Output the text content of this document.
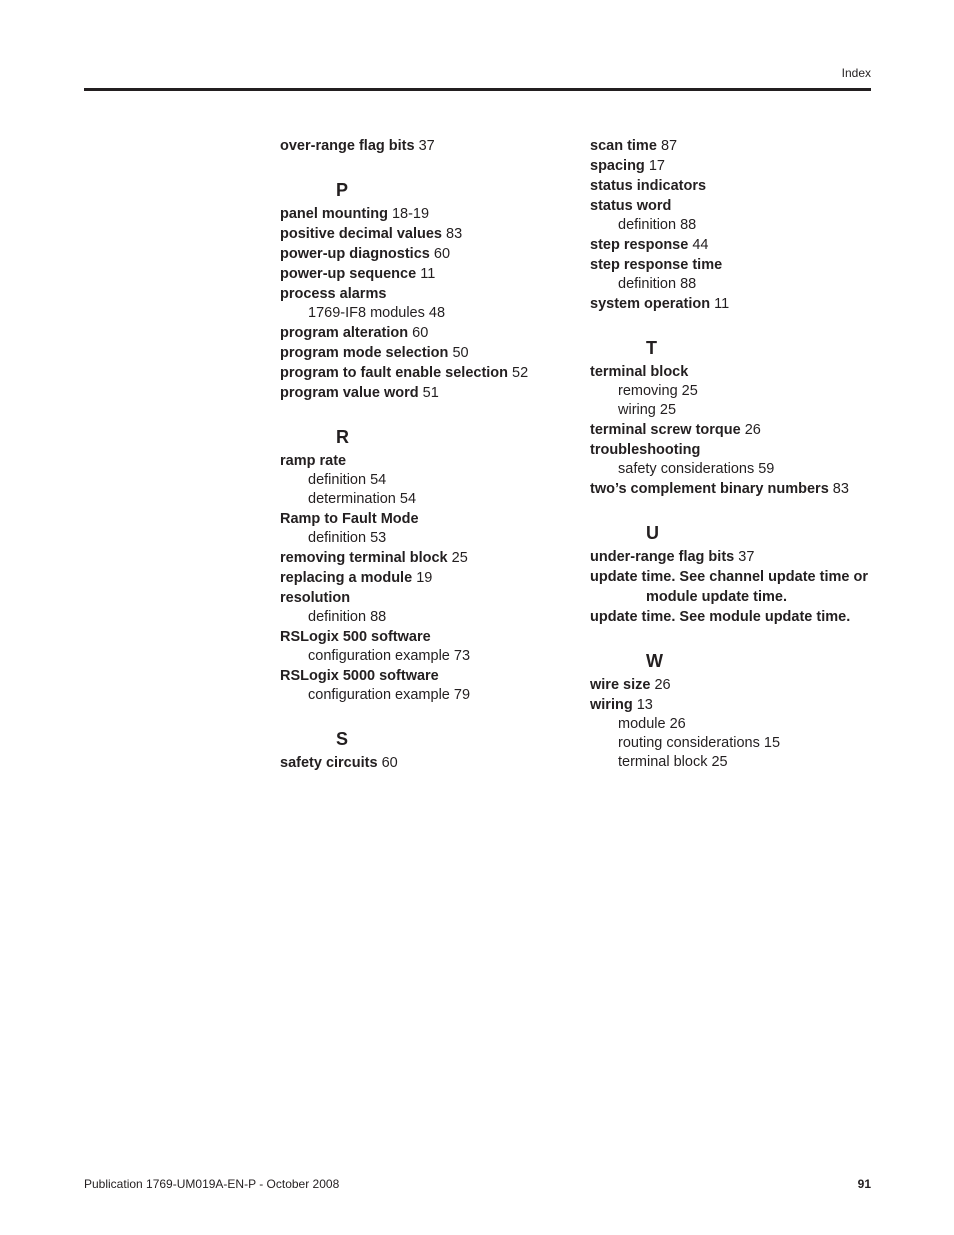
Index
over-range flag bits 37
P
panel mounting 18-19
positive decimal values 83
power-up diagnostics 60
power-up sequence 11
process alarms
1769-IF8 modules 48
program alteration 60
program mode selection 50
program to fault enable selection 52
program value word 51
R
ramp rate
definition 54
determination 54
Ramp to Fault Mode
definition 53
removing terminal block 25
replacing a module 19
resolution
definition 88
RSLogix 500 software
configuration example 73
RSLogix 5000 software
configuration example 79
S
safety circuits 60
scan time 87
spacing 17
status indicators
status word
definition 88
step response 44
step response time
definition 88
system operation 11
T
terminal block
removing 25
wiring 25
terminal screw torque 26
troubleshooting
safety considerations 59
two’s complement binary numbers 83
U
under-range flag bits 37
update time. See channel update time or
module update time.
update time. See module update time.
W
wire size 26
wiring 13
module 26
routing considerations 15
terminal block 25
Publication 1769-UM019A-EN-P - October 2008	91
